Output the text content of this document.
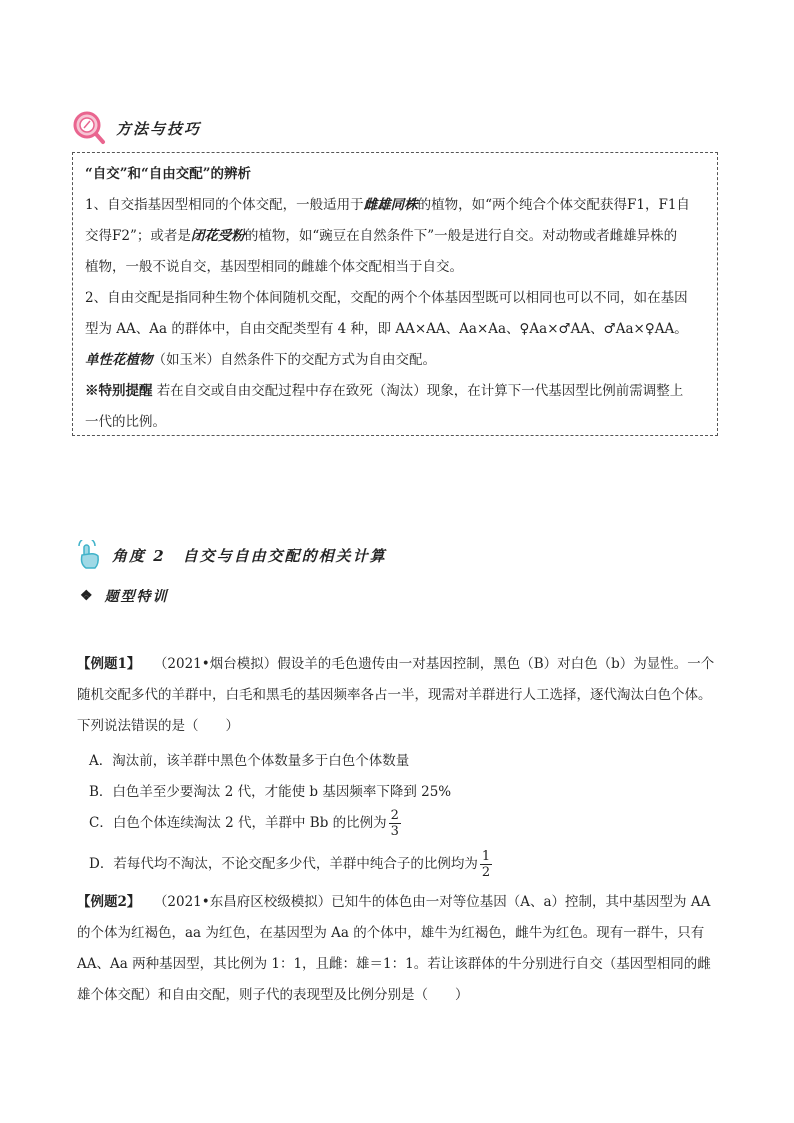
方法与技巧

“自交”和“自由交配”的辨析

1、自交指基因型相同的个体交配，一般适用于雌雄同株的植物，如“两个纯合个体交配获得F1，F1自

交得F2”；或者是闭花受粉的植物，如“豌豆在自然条件下”一般是进行自交。对动物或者雌雄异株的

植物，一般不说自交，基因型相同的雌雄个体交配相当于自交。

2、自由交配是指同种生物个体间随机交配，交配的两个个体基因型既可以相同也可以不同，如在基因

型为 AA、Aa 的群体中，自由交配类型有 4 种，即 AA×AA、Aa×Aa、♀Aa×♂AA、♂Aa×♀AA。

单性花植物（如玉米）自然条件下的交配方式为自由交配。

※特别提醒 若在自交或自由交配过程中存在致死（淘汰）现象，在计算下一代基因型比例前需调整上

一代的比例。

角度 2　自交与自由交配的相关计算
❖ 题型特训

【例题1】　　（2021•烟台模拟）假设羊的毛色遗传由一对基因控制，黑色（B）对白色（b）为显性。一个

随机交配多代的羊群中，白毛和黑毛的基因频率各占一半，现需对羊群进行人工选择，逐代淘汰白色个体。

下列说法错误的是（　　）

A．淘汰前，该羊群中黑色个体数量多于白色个体数量
B．白色羊至少要淘汰 2 代，才能使 b 基因频率下降到 25%
C．白色个体连续淘汰 2 代，羊群中 Bb 的比例为 $\frac{2}{3}$
D．若每代均不淘汰，不论交配多少代，羊群中纯合子的比例均为 $\frac{1}{2}$

【例题2】　　（2021•东昌府区校级模拟）已知牛的体色由一对等位基因（A、a）控制，其中基因型为 AA

的个体为红褐色，aa 为红色，在基因型为 Aa 的个体中，雄牛为红褐色，雌牛为红色。现有一群牛，只有

AA、Aa 两种基因型，其比例为 1：1，且雌：雄＝1：1。若让该群体的牛分别进行自交（基因型相同的雌

雄个体交配）和自由交配，则子代的表现型及比例分别是（　　）
